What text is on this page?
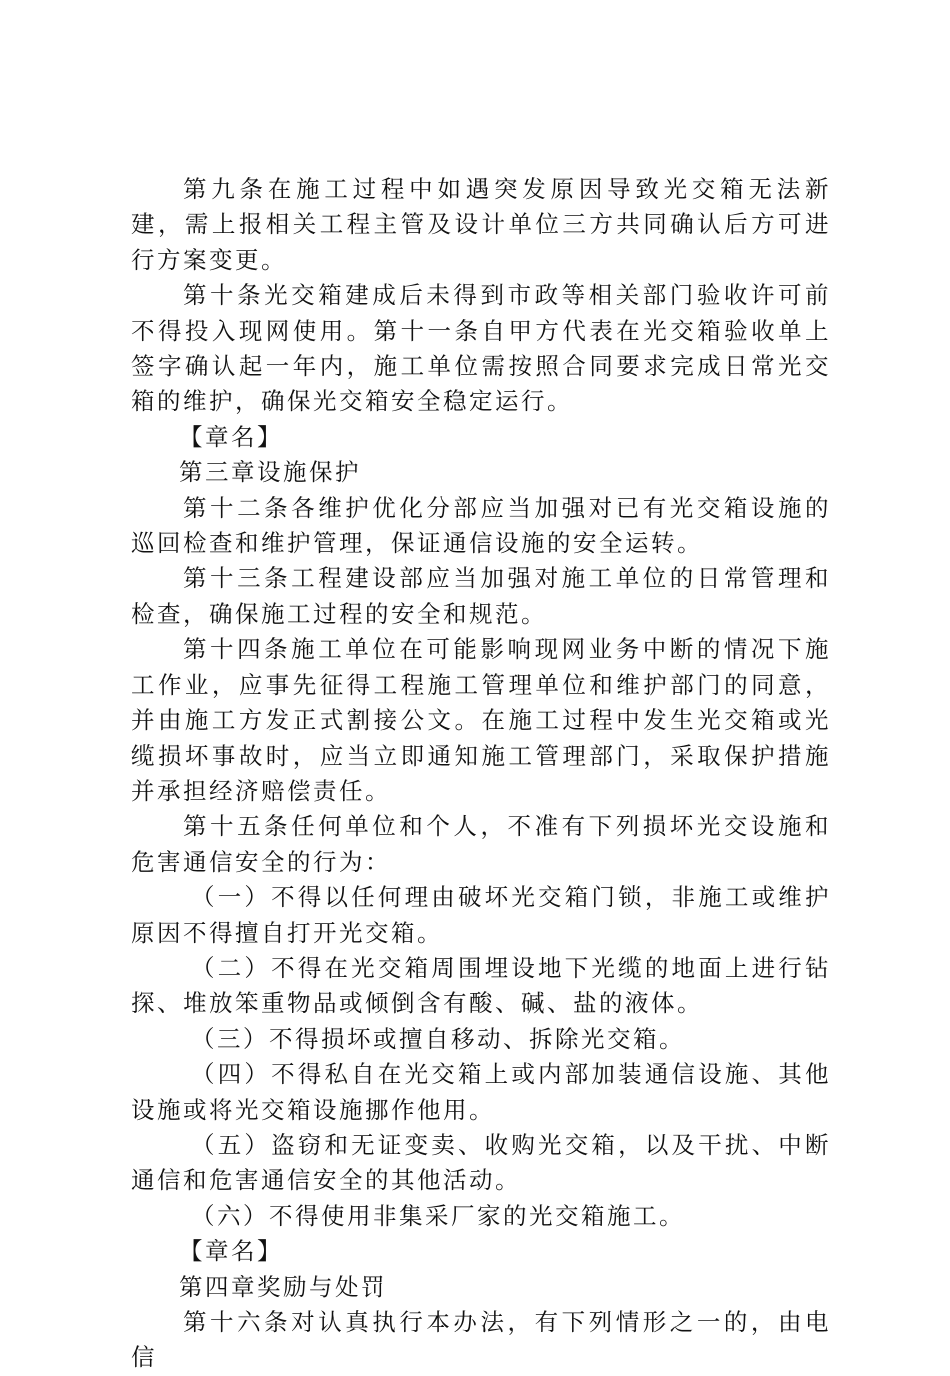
第九条在施工过程中如遇突发原因导致光交箱无法新建，需上报相关工程主管及设计单位三方共同确认后方可进行方案变更。

第十条光交箱建成后未得到市政等相关部门验收许可前不得投入现网使用。第十一条自甲方代表在光交箱验收单上签字确认起一年内，施工单位需按照合同要求完成日常光交箱的维护，确保光交箱安全稳定运行。

【章名】

第三章设施保护

第十二条各维护优化分部应当加强对已有光交箱设施的巡回检查和维护管理，保证通信设施的安全运转。

第十三条工程建设部应当加强对施工单位的日常管理和检查，确保施工过程的安全和规范。

第十四条施工单位在可能影响现网业务中断的情况下施工作业，应事先征得工程施工管理单位和维护部门的同意，并由施工方发正式割接公文。在施工过程中发生光交箱或光缆损坏事故时，应当立即通知施工管理部门，采取保护措施并承担经济赔偿责任。

第十五条任何单位和个人，不准有下列损坏光交设施和危害通信安全的行为：

（一）不得以任何理由破坏光交箱门锁，非施工或维护原因不得擅自打开光交箱。

（二）不得在光交箱周围埋设地下光缆的地面上进行钻探、堆放笨重物品或倾倒含有酸、碱、盐的液体。

（三）不得损坏或擅自移动、拆除光交箱。

（四）不得私自在光交箱上或内部加装通信设施、其他设施或将光交箱设施挪作他用。

（五）盗窃和无证变卖、收购光交箱，以及干扰、中断通信和危害通信安全的其他活动。

（六）不得使用非集采厂家的光交箱施工。

【章名】

第四章奖励与处罚

第十六条对认真执行本办法，有下列情形之一的，由电信
